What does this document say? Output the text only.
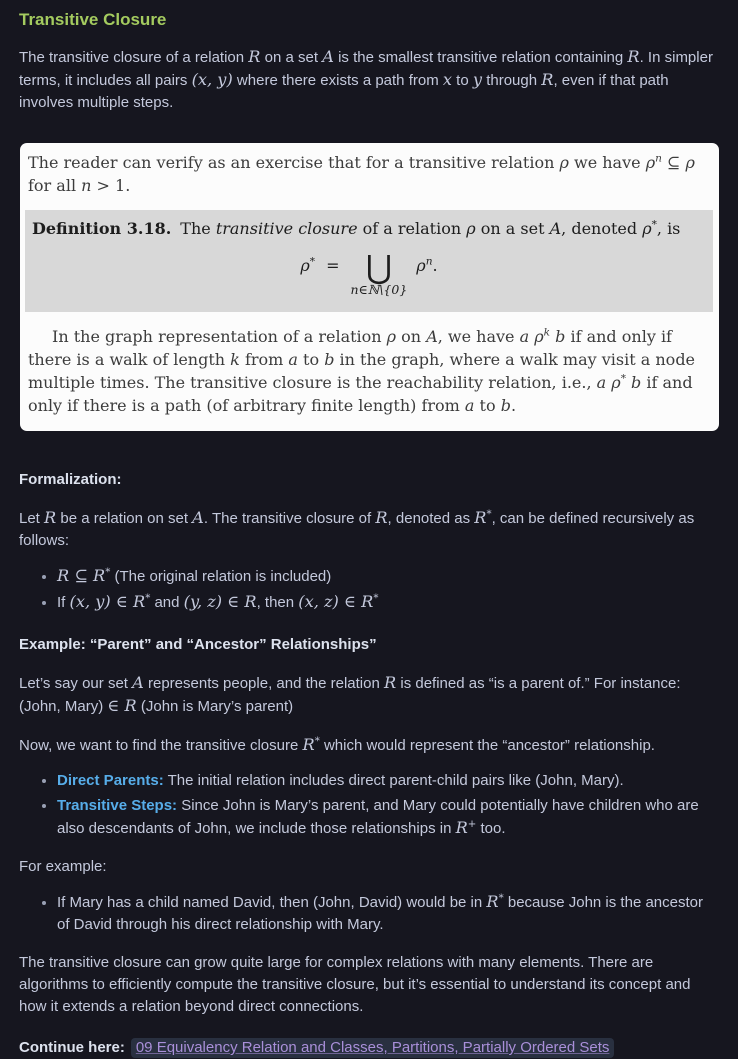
Transitive Closure

The transitive closure of a relation R on a set A is the smallest transitive relation containing R. In simpler terms, it includes all pairs (x, y) where there exists a path from x to y through R, even if that path involves multiple steps.

The reader can verify as an exercise that for a transitive relation ρ we have $\rho^n$ ⊆ ρ for all n > 1.

Definition 3.18. The transitive closure of a relation ρ on a set A, denoted ρ*, is

ρ* = ⋃
n∈ℕ\{0}
$\rho^n$.

In the graph representation of a relation ρ on A, we have a $\rho^k$ b if and only if there is a walk of length k from a to b in the graph, where a walk may visit a node multiple times. The transitive closure is the reachability relation, i.e., a ρ* b if and only if there is a path (of arbitrary finite length) from a to b.

Formalization:

Let R be a relation on set A. The transitive closure of R, denoted as R*, can be defined recursively as follows:

• R ⊆ R* (The original relation is included)
• If (x, y) ∈ R* and (y, z) ∈ R, then (x, z) ∈ R*

Example: “Parent” and “Ancestor” Relationships”

Let’s say our set A represents people, and the relation R is defined as “is a parent of.” For instance: (John, Mary) ∈ R (John is Mary’s parent)

Now, we want to find the transitive closure R* which would represent the “ancestor” relationship.

• Direct Parents: The initial relation includes direct parent-child pairs like (John, Mary).
• Transitive Steps: Since John is Mary’s parent, and Mary could potentially have children who are also descendants of John, we include those relationships in R+ too.

For example:

• If Mary has a child named David, then (John, David) would be in R* because John is the ancestor of David through his direct relationship with Mary.

The transitive closure can grow quite large for complex relations with many elements. There are algorithms to efficiently compute the transitive closure, but it’s essential to understand its concept and how it extends a relation beyond direct connections.

Continue here: 09 Equivalency Relation and Classes, Partitions, Partially Ordered Sets
